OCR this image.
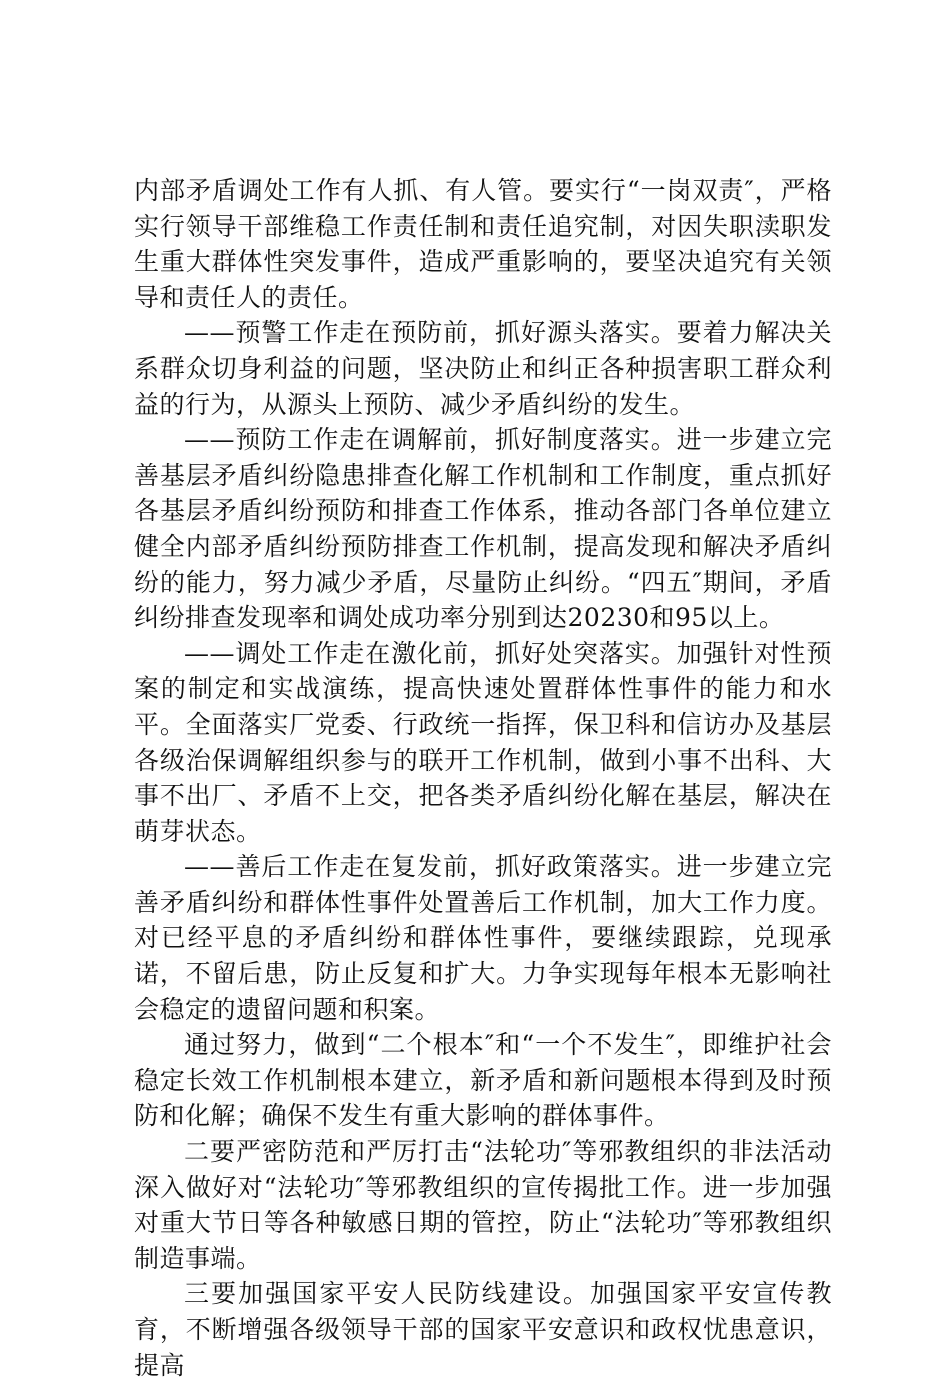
内部矛盾调处工作有人抓、有人管。要实行“一岗双责″，严格实行领导干部维稳工作责任制和责任追究制，对因失职渎职发生重大群体性突发事件，造成严重影响的，要坚决追究有关领导和责任人的责任。

——预警工作走在预防前，抓好源头落实。要着力解决关系群众切身利益的问题，坚决防止和纠正各种损害职工群众利益的行为，从源头上预防、减少矛盾纠纷的发生。

——预防工作走在调解前，抓好制度落实。进一步建立完善基层矛盾纠纷隐患排查化解工作机制和工作制度，重点抓好各基层矛盾纠纷预防和排查工作体系，推动各部门各单位建立健全内部矛盾纠纷预防排查工作机制，提高发现和解决矛盾纠纷的能力，努力减少矛盾，尽量防止纠纷。“四五″期间，矛盾纠纷排查发现率和调处成功率分别到达20230和95以上。

——调处工作走在激化前，抓好处突落实。加强针对性预案的制定和实战演练，提高快速处置群体性事件的能力和水平。全面落实厂党委、行政统一指挥，保卫科和信访办及基层各级治保调解组织参与的联开工作机制，做到小事不出科、大事不出厂、矛盾不上交，把各类矛盾纠纷化解在基层，解决在萌芽状态。

——善后工作走在复发前，抓好政策落实。进一步建立完善矛盾纠纷和群体性事件处置善后工作机制，加大工作力度。对已经平息的矛盾纠纷和群体性事件，要继续跟踪，兑现承诺，不留后患，防止反复和扩大。力争实现每年根本无影响社会稳定的遗留问题和积案。

通过努力，做到“二个根本″和“一个不发生″，即维护社会稳定长效工作机制根本建立，新矛盾和新问题根本得到及时预防和化解；确保不发生有重大影响的群体事件。

二要严密防范和严厉打击“法轮功″等邪教组织的非法活动深入做好对“法轮功″等邪教组织的宣传揭批工作。进一步加强对重大节日等各种敏感日期的管控，防止“法轮功″等邪教组织制造事端。

三要加强国家平安人民防线建设。加强国家平安宣传教育，不断增强各级领导干部的国家平安意识和政权忧患意识，提高
